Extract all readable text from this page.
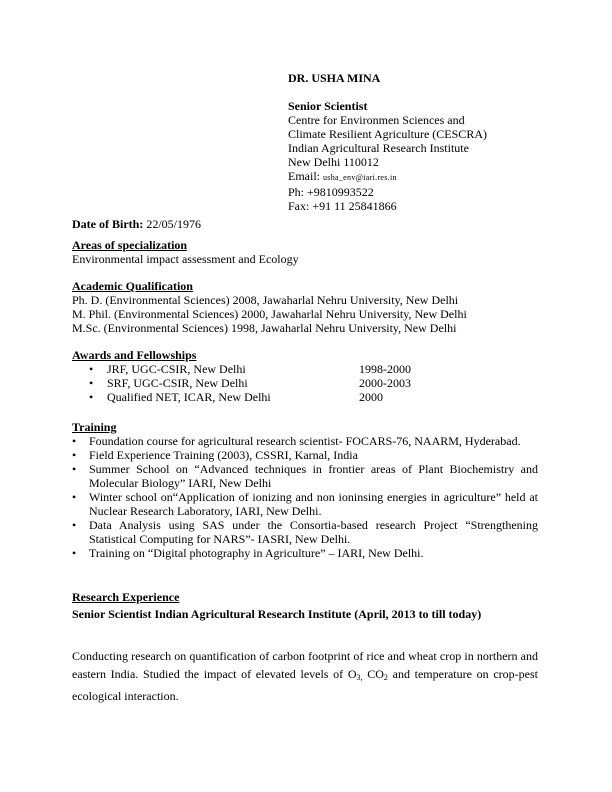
DR. USHA MINA
Senior Scientist
Centre for Environmen Sciences and
Climate Resilient Agriculture (CESCRA)
Indian Agricultural Research Institute
New Delhi 110012
Email: usha_env@iari.res.in
Ph: +9810993522
Fax: +91 11 25841866
Date of Birth: 22/05/1976
Areas of specialization
Environmental impact assessment and Ecology
Academic Qualification
Ph. D. (Environmental Sciences) 2008, Jawaharlal Nehru University, New Delhi
M. Phil. (Environmental Sciences) 2000, Jawaharlal Nehru University, New Delhi
M.Sc. (Environmental Sciences) 1998, Jawaharlal Nehru University, New Delhi
Awards and Fellowships
• JRF, UGC-CSIR, New Delhi	1998-2000
• SRF, UGC-CSIR, New Delhi	2000-2003
• Qualified NET, ICAR, New Delhi	2000
Training
• Foundation course for agricultural research scientist- FOCARS-76, NAARM, Hyderabad.
• Field Experience Training (2003), CSSRI, Karnal, India
• Summer School on “Advanced techniques in frontier areas of Plant Biochemistry and Molecular Biology” IARI, New Delhi
• Winter school on“Application of ionizing and non ioninsing energies in agriculture” held at Nuclear Research Laboratory, IARI, New Delhi.
• Data Analysis using SAS under the Consortia-based research Project “Strengthening Statistical Computing for NARS”- IASRI, New Delhi.
• Training on “Digital photography in Agriculture” – IARI, New Delhi.
Research Experience
Senior Scientist Indian Agricultural Research Institute (April, 2013 to till today)
Conducting research on quantification of carbon footprint of rice and wheat crop in northern and eastern India. Studied the impact of elevated levels of $O_{3,}$ $CO_2$ and temperature on crop-pest ecological interaction.
